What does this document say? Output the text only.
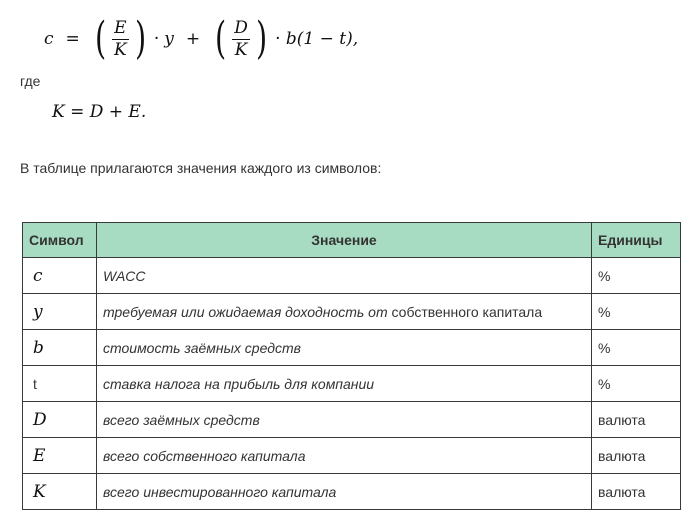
c = ( $\frac{E}{K}$ ) · y + ( $\frac{D}{K}$ ) · b(1 − t),
где
K = D + E.
В таблице прилагаются значения каждого из символов:
Символ	Значение	Единицы
c	WACC	%
y	требуемая или ожидаемая доходность от собственного капитала	%
b	стоимость заёмных средств	%
t	ставка налога на прибыль для компании	%
D	всего заёмных средств	валюта
E	всего собственного капитала	валюта
K	всего инвестированного капитала	валюта
